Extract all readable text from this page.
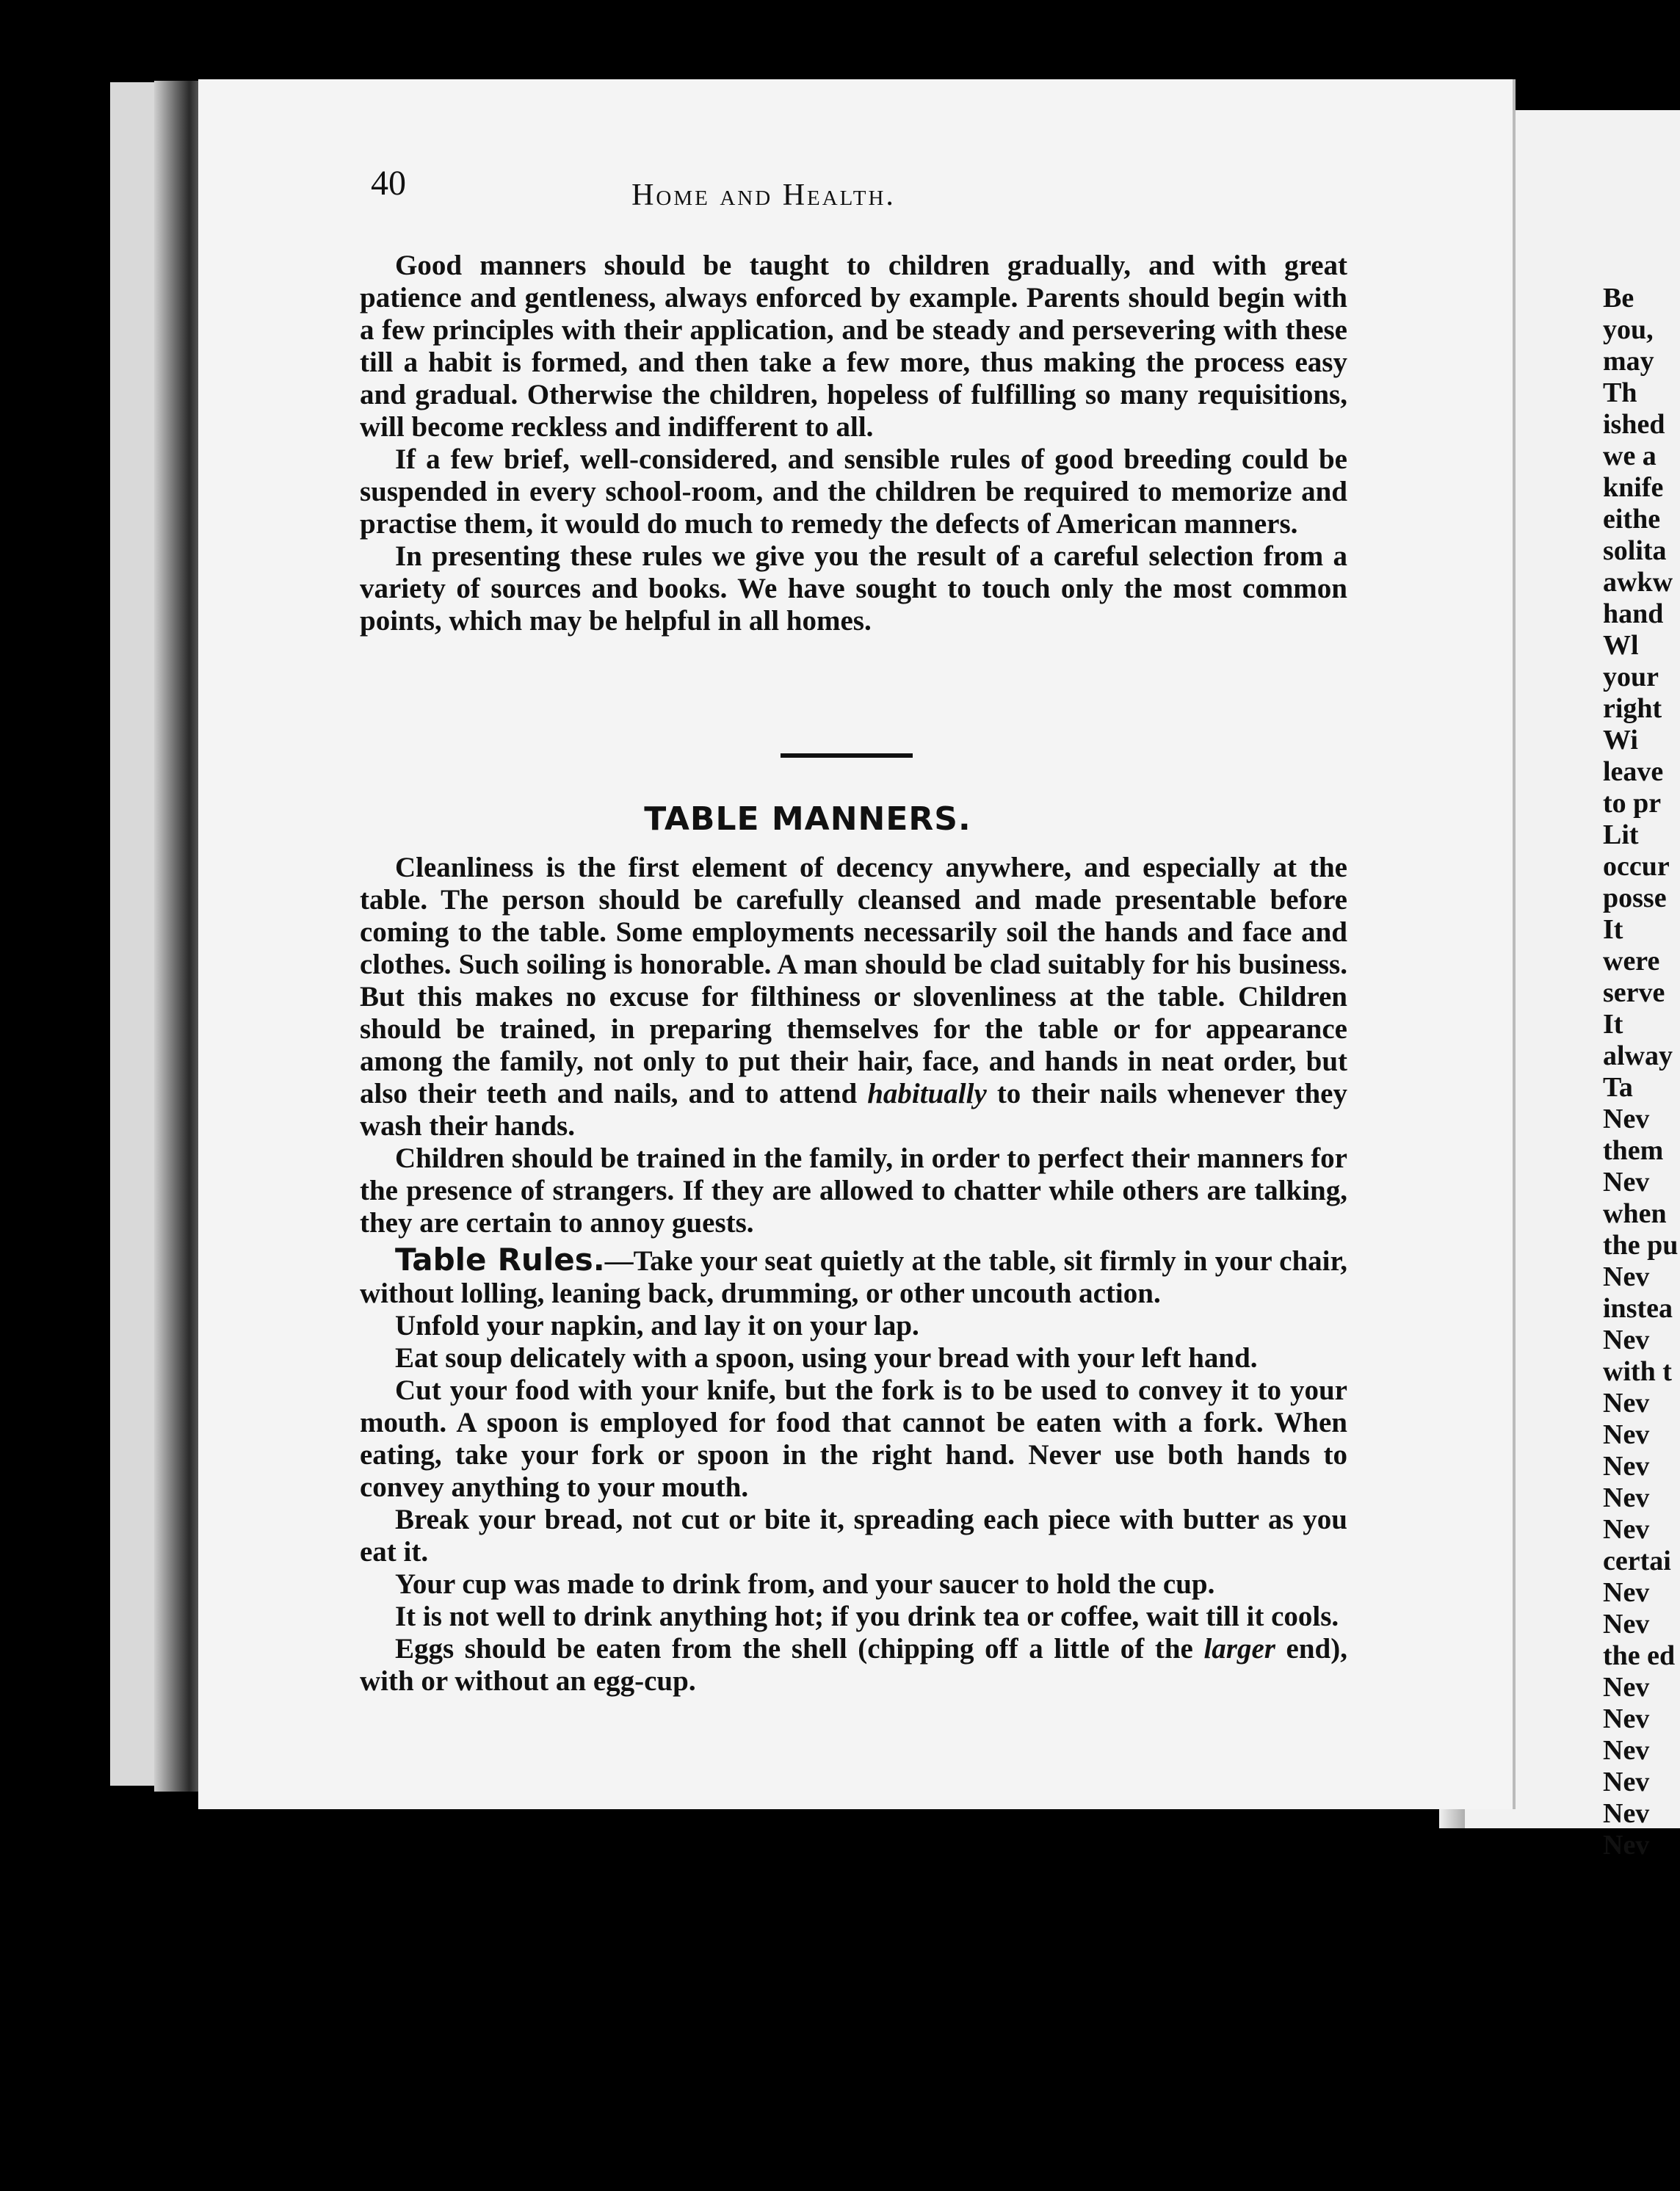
Be
you,
may
Th
ished
we a
knife
eithe
solita
awkw
hand
Wl
your
right
Wi
leave
to pr
Lit
occur
posse
It
were
serve
It
alway
Ta
Nev
them
Nev
when
the pu
Nev
instea
Nev
with t
Nev
Nev
Nev
Nev
Nev
certai
Nev
Nev
the ed
Nev
Nev
Nev
Nev
Nev
Nev
40	Home and Health.

Good manners should be taught to children gradually, and with great patience and gentleness, always enforced by example. Parents should begin with a few principles with their application, and be steady and persevering with these till a habit is formed, and then take a few more, thus making the process easy and gradual. Otherwise the children, hopeless of fulfilling so many requisitions, will become reckless and indifferent to all.

If a few brief, well-considered, and sensible rules of good breeding could be suspended in every school-room, and the children be required to memorize and practise them, it would do much to remedy the defects of American manners.

In presenting these rules we give you the result of a careful selection from a variety of sources and books. We have sought to touch only the most common points, which may be helpful in all homes.

TABLE MANNERS.

Cleanliness is the first element of decency anywhere, and especially at the table. The person should be carefully cleansed and made presentable before coming to the table. Some employments necessarily soil the hands and face and clothes. Such soiling is honorable. A man should be clad suitably for his business. But this makes no excuse for filthiness or slovenliness at the table. Children should be trained, in preparing themselves for the table or for appearance among the family, not only to put their hair, face, and hands in neat order, but also their teeth and nails, and to attend habitually to their nails whenever they wash their hands.

Children should be trained in the family, in order to perfect their manners for the presence of strangers. If they are allowed to chatter while others are talking, they are certain to annoy guests.

Table Rules.—Take your seat quietly at the table, sit firmly in your chair, without lolling, leaning back, drumming, or other uncouth action.

Unfold your napkin, and lay it on your lap.

Eat soup delicately with a spoon, using your bread with your left hand.

Cut your food with your knife, but the fork is to be used to convey it to your mouth. A spoon is employed for food that cannot be eaten with a fork. When eating, take your fork or spoon in the right hand. Never use both hands to convey anything to your mouth.

Break your bread, not cut or bite it, spreading each piece with butter as you eat it.

Your cup was made to drink from, and your saucer to hold the cup.

It is not well to drink anything hot; if you drink tea or coffee, wait till it cools.

Eggs should be eaten from the shell (chipping off a little of the larger end), with or without an egg-cup.
